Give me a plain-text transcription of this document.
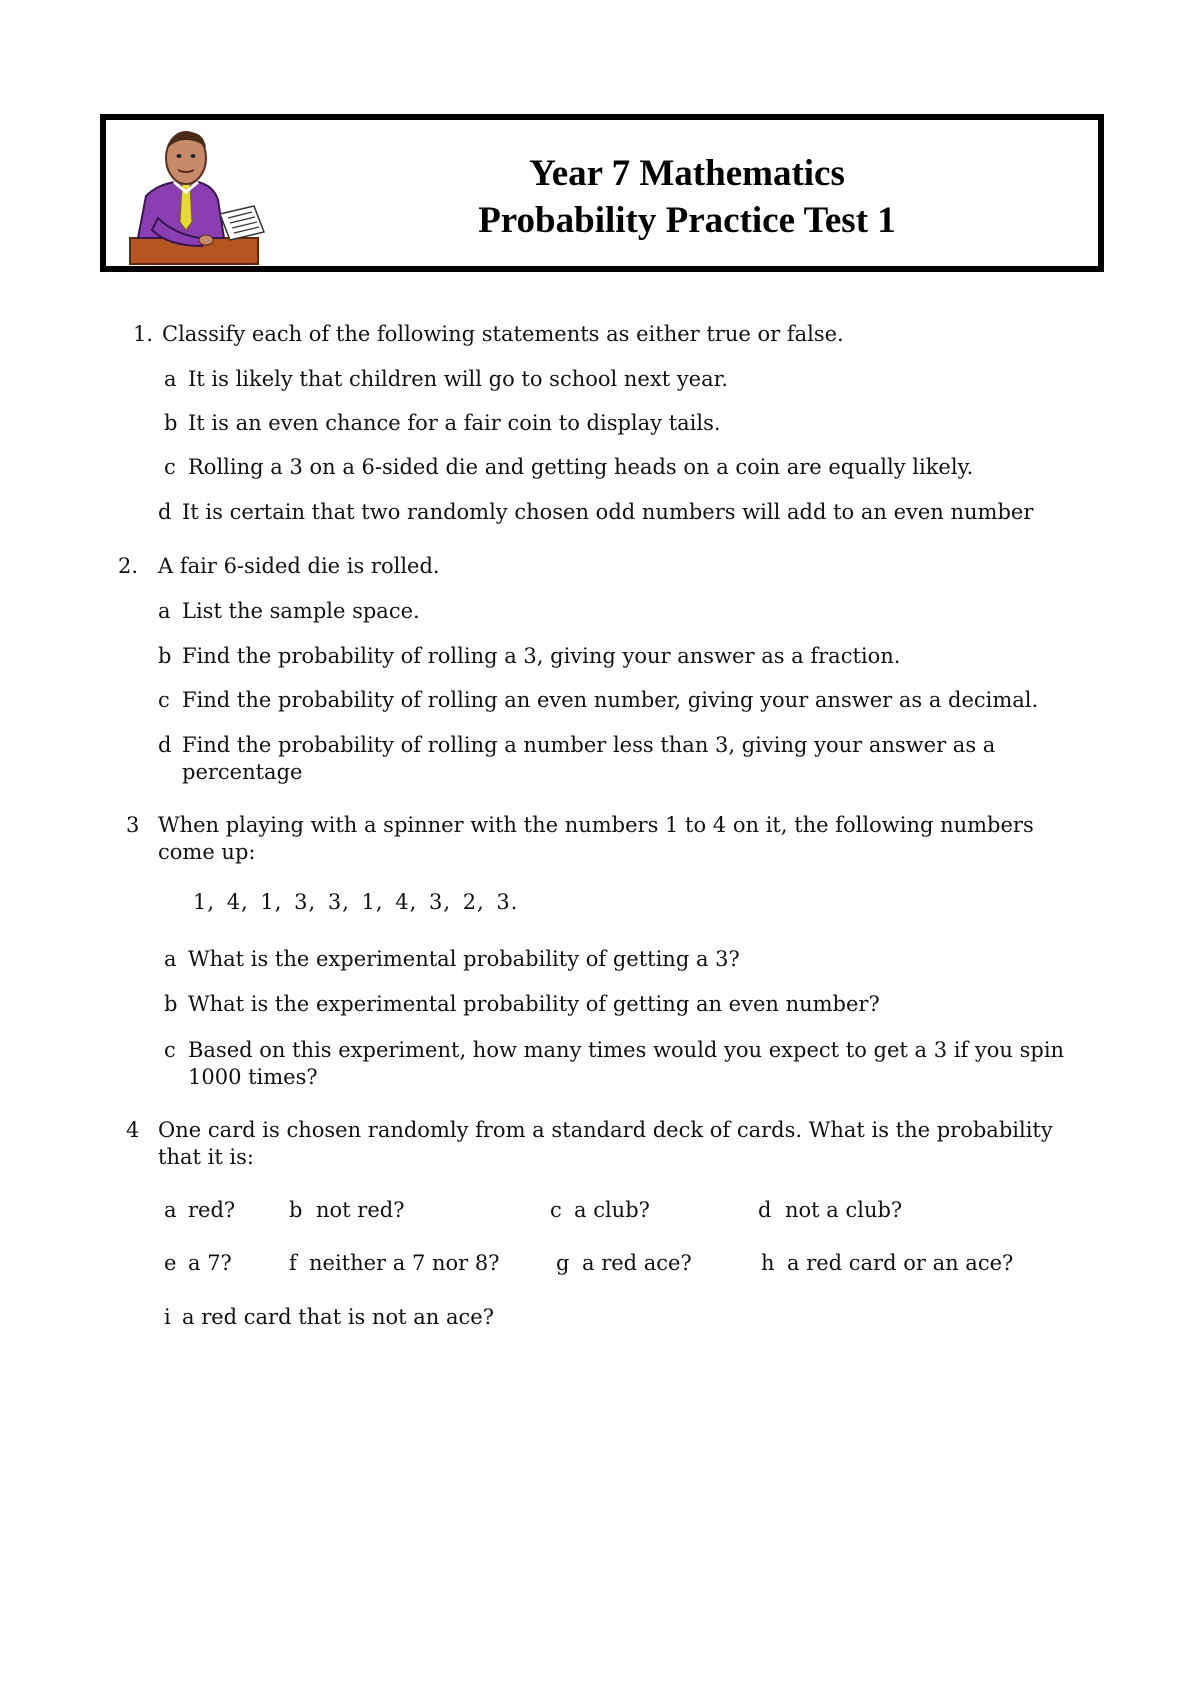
Year 7 Mathematics
Probability Practice Test 1
1. Classify each of the following statements as either true or false.
a It is likely that children will go to school next year.
b It is an even chance for a fair coin to display tails.
c Rolling a 3 on a 6-sided die and getting heads on a coin are equally likely.
d It is certain that two randomly chosen odd numbers will add to an even number
2. A fair 6-sided die is rolled.
a List the sample space.
b Find the probability of rolling a 3, giving your answer as a fraction.
c Find the probability of rolling an even number, giving your answer as a decimal.
d Find the probability of rolling a number less than 3, giving your answer as a percentage
3 When playing with a spinner with the numbers 1 to 4 on it, the following numbers come up:
1, 4, 1, 3, 3, 1, 4, 3, 2, 3.
a What is the experimental probability of getting a 3?
b What is the experimental probability of getting an even number?
c Based on this experiment, how many times would you expect to get a 3 if you spin 1000 times?
4 One card is chosen randomly from a standard deck of cards. What is the probability that it is:
a red?	b not red?	c a club?	d not a club?
e a 7?	f neither a 7 nor 8?	g a red ace?	h a red card or an ace?
i a red card that is not an ace?
